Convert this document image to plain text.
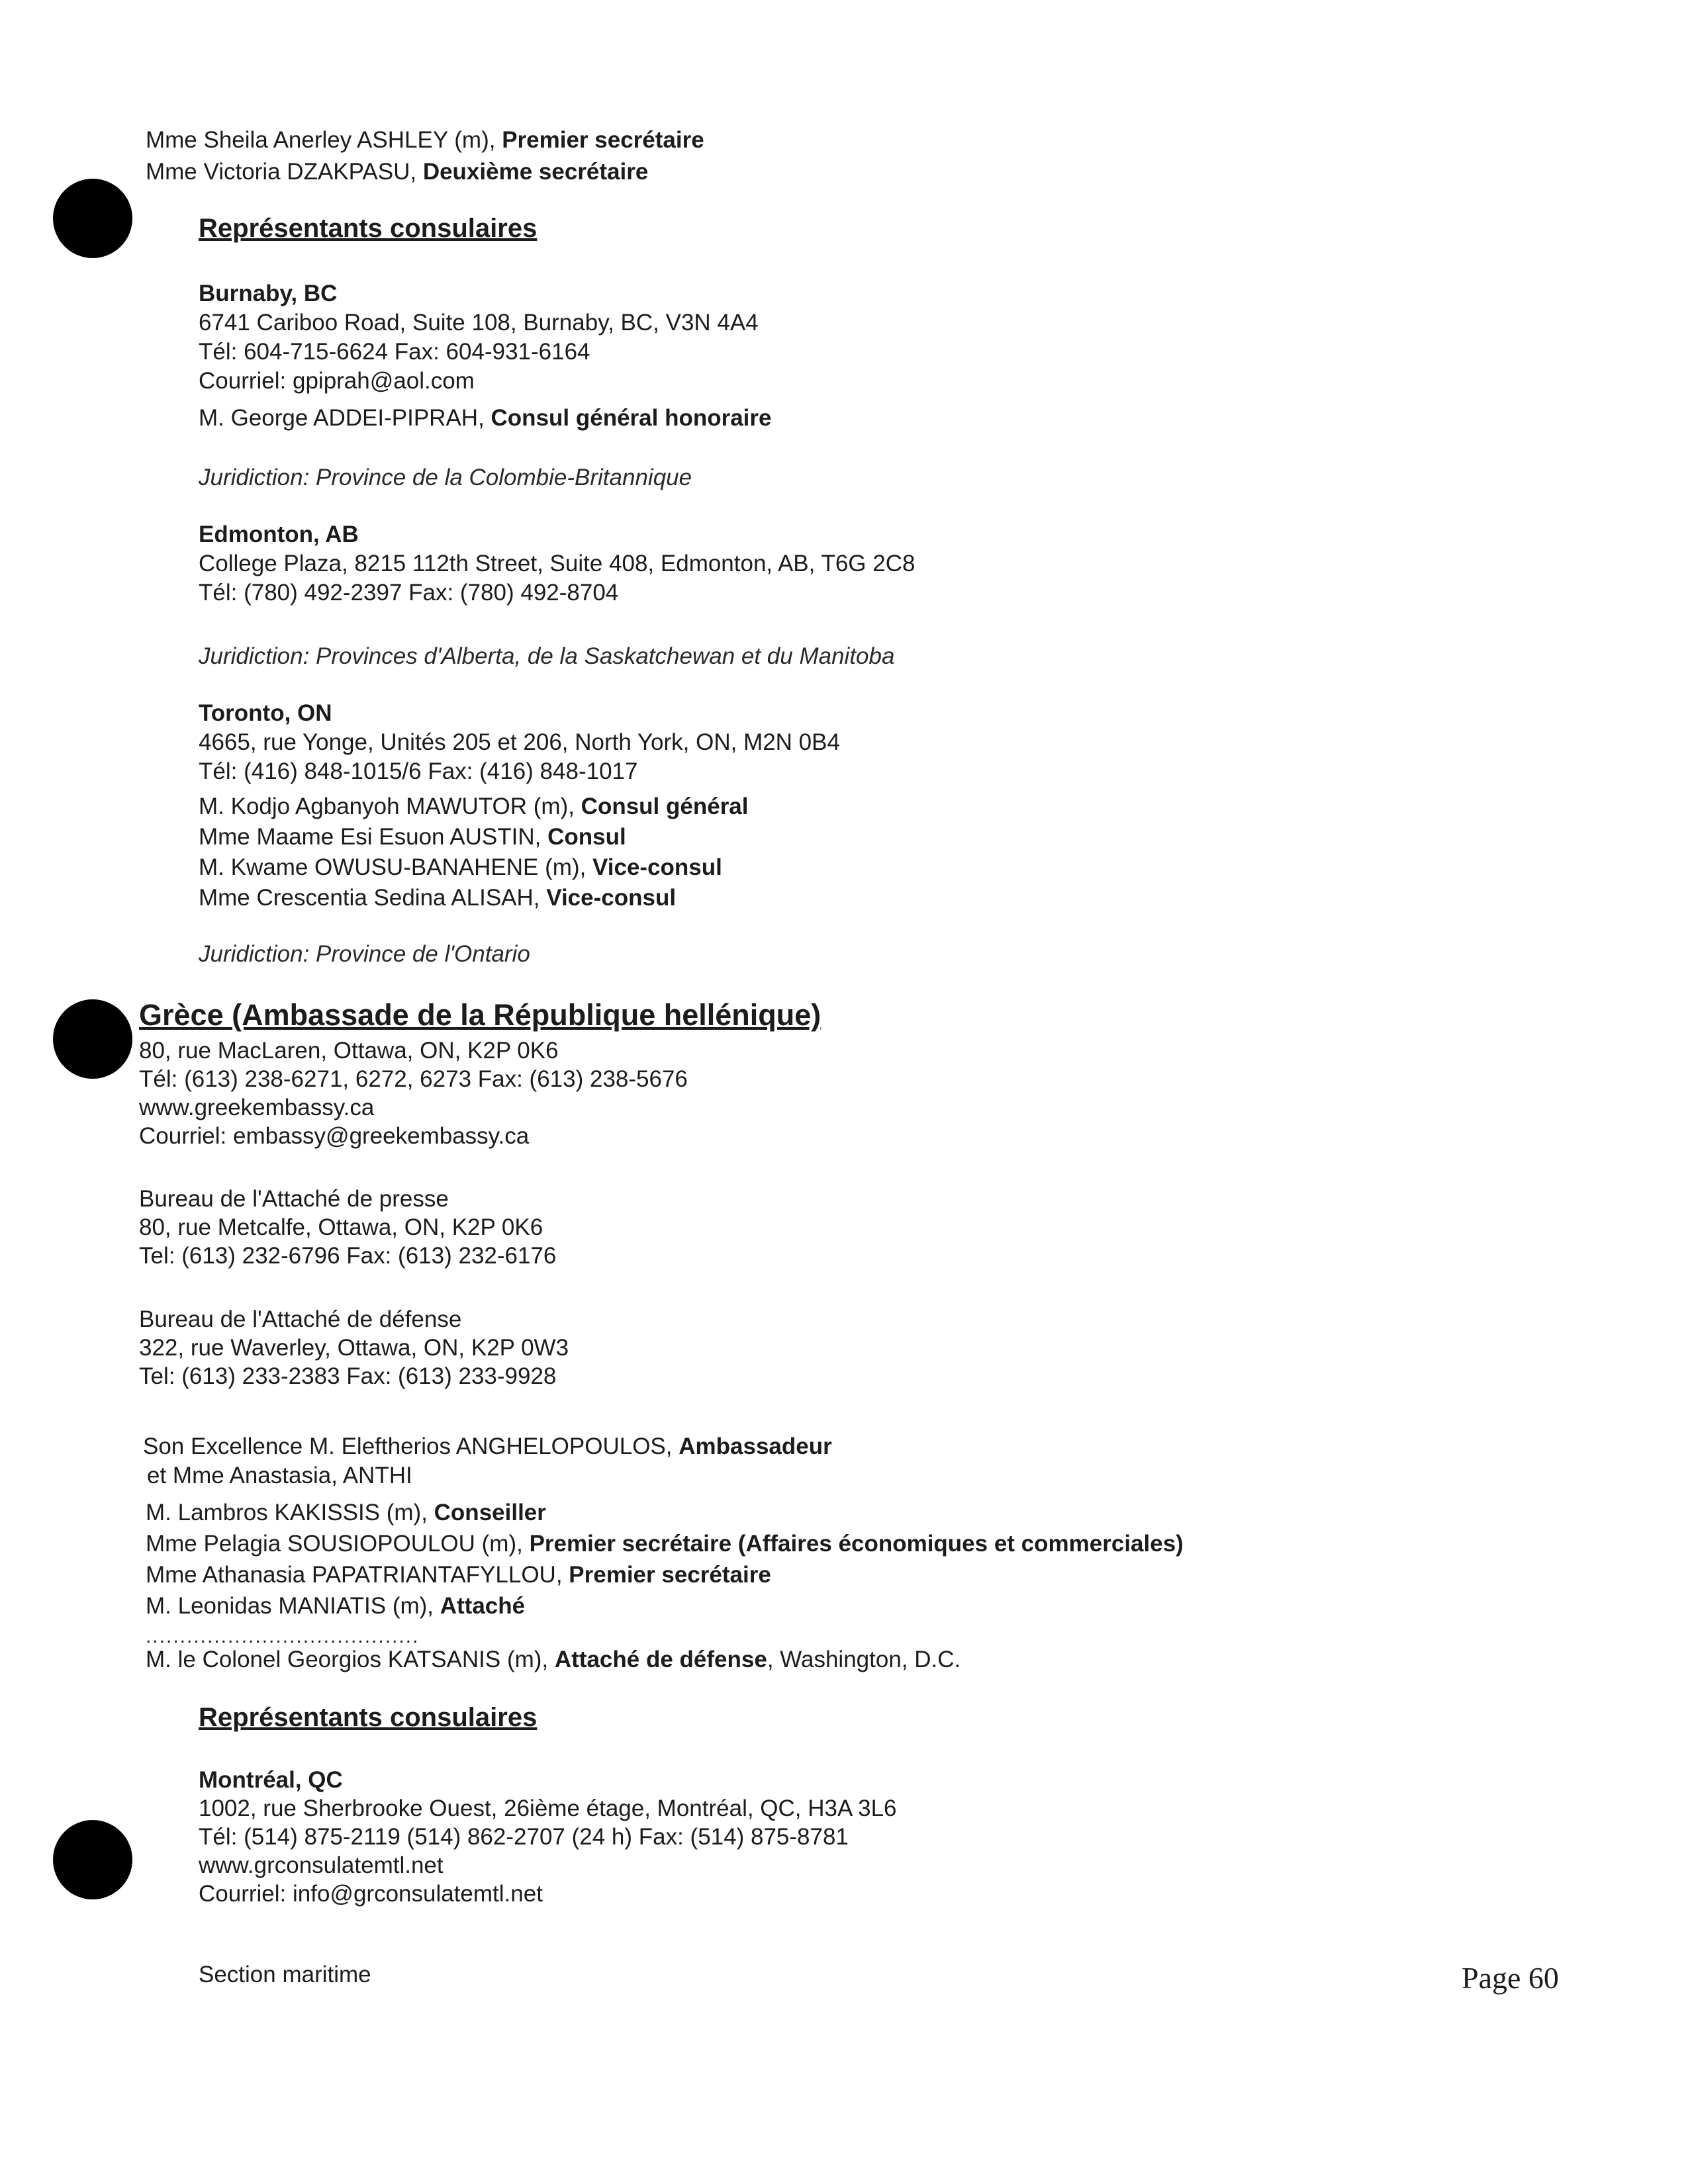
Mme Sheila Anerley ASHLEY (m), Premier secrétaire
Mme Victoria DZAKPASU, Deuxième secrétaire
Représentants consulaires
Burnaby, BC
6741 Cariboo Road, Suite 108, Burnaby, BC, V3N 4A4
Tél: 604-715-6624 Fax: 604-931-6164
Courriel: gpiprah@aol.com
M. George ADDEI-PIPRAH, Consul général honoraire
Juridiction: Province de la Colombie-Britannique
Edmonton, AB
College Plaza, 8215 112th Street, Suite 408, Edmonton, AB, T6G 2C8
Tél: (780) 492-2397 Fax: (780) 492-8704
Juridiction: Provinces d'Alberta, de la Saskatchewan et du Manitoba
Toronto, ON
4665, rue Yonge, Unités 205 et 206, North York, ON, M2N 0B4
Tél: (416) 848-1015/6 Fax: (416) 848-1017
M. Kodjo Agbanyoh MAWUTOR (m), Consul général
Mme Maame Esi Esuon AUSTIN, Consul
M. Kwame OWUSU-BANAHENE (m), Vice-consul
Mme Crescentia Sedina ALISAH, Vice-consul
Juridiction: Province de l'Ontario
Grèce (Ambassade de la République hellénique)
80, rue MacLaren, Ottawa, ON, K2P 0K6
Tél: (613) 238-6271, 6272, 6273 Fax: (613) 238-5676
www.greekembassy.ca
Courriel: embassy@greekembassy.ca
Bureau de l'Attaché de presse
80, rue Metcalfe, Ottawa, ON, K2P 0K6
Tel: (613) 232-6796 Fax: (613) 232-6176
Bureau de l'Attaché de défense
322, rue Waverley, Ottawa, ON, K2P 0W3
Tel: (613) 233-2383 Fax: (613) 233-9928
Son Excellence M. Eleftherios ANGHELOPOULOS, Ambassadeur
et Mme Anastasia, ANTHI
M. Lambros KAKISSIS (m), Conseiller
Mme Pelagia SOUSIOPOULOU (m), Premier secrétaire (Affaires économiques et commerciales)
Mme Athanasia PAPATRIANTAFYLLOU, Premier secrétaire
M. Leonidas MANIATIS (m), Attaché
........................................
M. le Colonel Georgios KATSANIS (m), Attaché de défense, Washington, D.C.
Représentants consulaires
Montréal, QC
1002, rue Sherbrooke Ouest, 26ième étage, Montréal, QC, H3A 3L6
Tél: (514) 875-2119 (514) 862-2707 (24 h) Fax: (514) 875-8781
www.grconsulatemtl.net
Courriel: info@grconsulatemtl.net
Section maritime	Page 60
